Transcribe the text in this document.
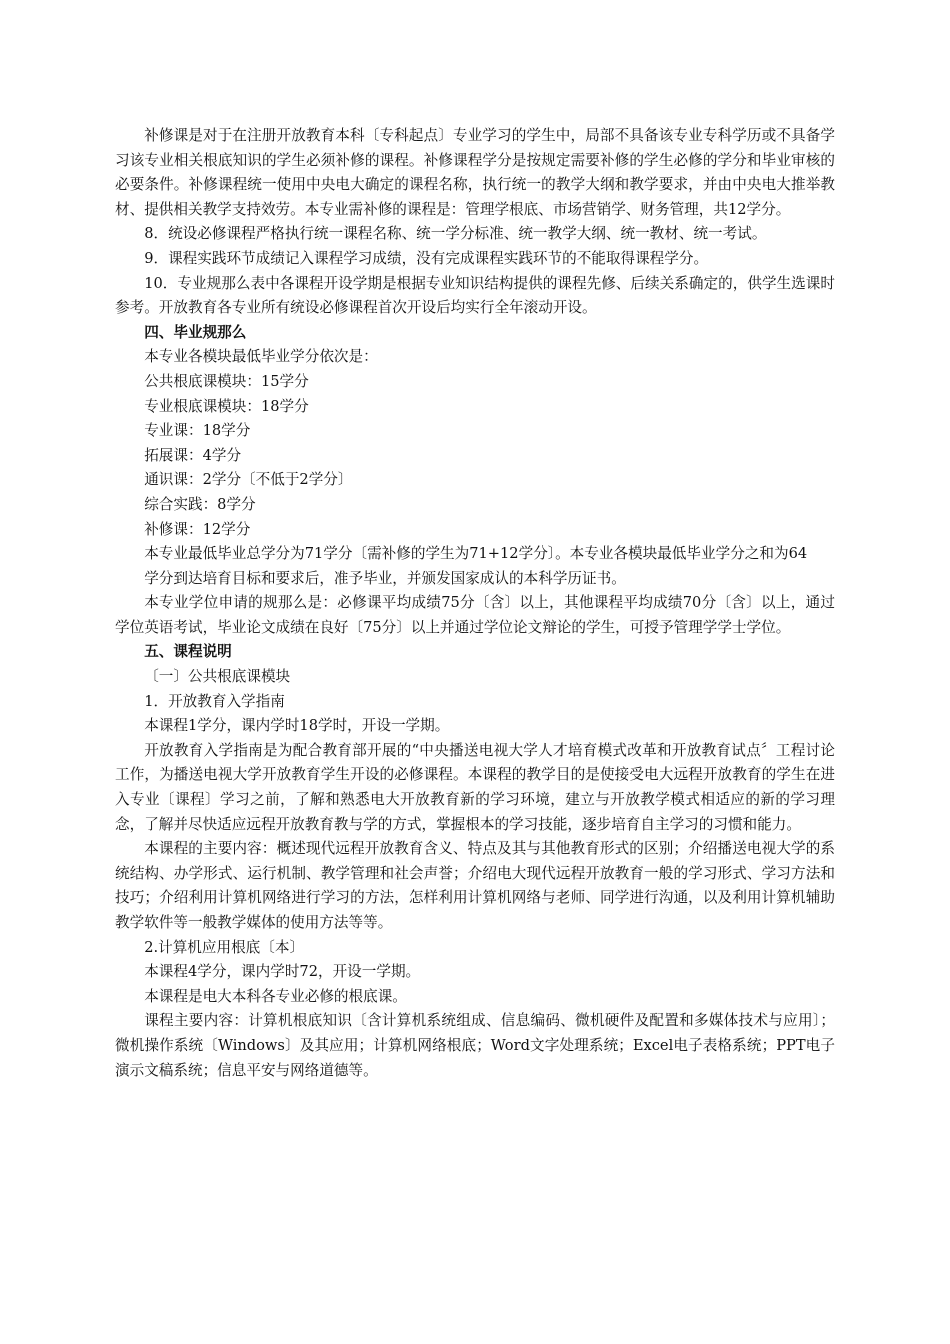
补修课是对于在注册开放教育本科〔专科起点〕专业学习的学生中，局部不具备该专业专科学历或不具备学习该专业相关根底知识的学生必须补修的课程。补修课程学分是按规定需要补修的学生必修的学分和毕业审核的必要条件。补修课程统一使用中央电大确定的课程名称，执行统一的教学大纲和教学要求，并由中央电大推举教材、提供相关教学支持效劳。本专业需补修的课程是：管理学根底、市场营销学、财务管理，共12学分。

8．统设必修课程严格执行统一课程名称、统一学分标准、统一教学大纲、统一教材、统一考试。

9．课程实践环节成绩记入课程学习成绩，没有完成课程实践环节的不能取得课程学分。

10．专业规那么表中各课程开设学期是根据专业知识结构提供的课程先修、后续关系确定的，供学生选课时参考。开放教育各专业所有统设必修课程首次开设后均实行全年滚动开设。

四、毕业规那么

本专业各模块最低毕业学分依次是：

公共根底课模块：15学分

专业根底课模块：18学分

专业课：18学分

拓展课：4学分

通识课：2学分〔不低于2学分〕

综合实践：8学分

补修课：12学分

本专业最低毕业总学分为71学分〔需补修的学生为71+12学分〕。本专业各模块最低毕业学分之和为64

学分到达培育目标和要求后，准予毕业，并颁发国家成认的本科学历证书。

本专业学位申请的规那么是：必修课平均成绩75分〔含〕以上，其他课程平均成绩70分〔含〕以上，通过学位英语考试，毕业论文成绩在良好〔75分〕以上并通过学位论文辩论的学生，可授予管理学学士学位。

五、课程说明

〔一〕公共根底课模块

1．开放教育入学指南

本课程1学分，课内学时18学时，开设一学期。

开放教育入学指南是为配合教育部开展的“中央播送电视大学人才培育模式改革和开放教育试点〞工程讨论工作，为播送电视大学开放教育学生开设的必修课程。本课程的教学目的是使接受电大远程开放教育的学生在进入专业〔课程〕学习之前，了解和熟悉电大开放教育新的学习环境，建立与开放教学模式相适应的新的学习理念，了解并尽快适应远程开放教育教与学的方式，掌握根本的学习技能，逐步培育自主学习的习惯和能力。

本课程的主要内容：概述现代远程开放教育含义、特点及其与其他教育形式的区别；介绍播送电视大学的系统结构、办学形式、运行机制、教学管理和社会声誉；介绍电大现代远程开放教育一般的学习形式、学习方法和技巧；介绍利用计算机网络进行学习的方法，怎样利用计算机网络与老师、同学进行沟通，以及利用计算机辅助教学软件等一般教学媒体的使用方法等等。

2.计算机应用根底〔本〕

本课程4学分，课内学时72，开设一学期。

本课程是电大本科各专业必修的根底课。

课程主要内容：计算机根底知识〔含计算机系统组成、信息编码、微机硬件及配置和多媒体技术与应用〕；微机操作系统〔Windows〕及其应用；计算机网络根底；Word文字处理系统；Excel电子表格系统；PPT电子演示文稿系统；信息平安与网络道德等。
